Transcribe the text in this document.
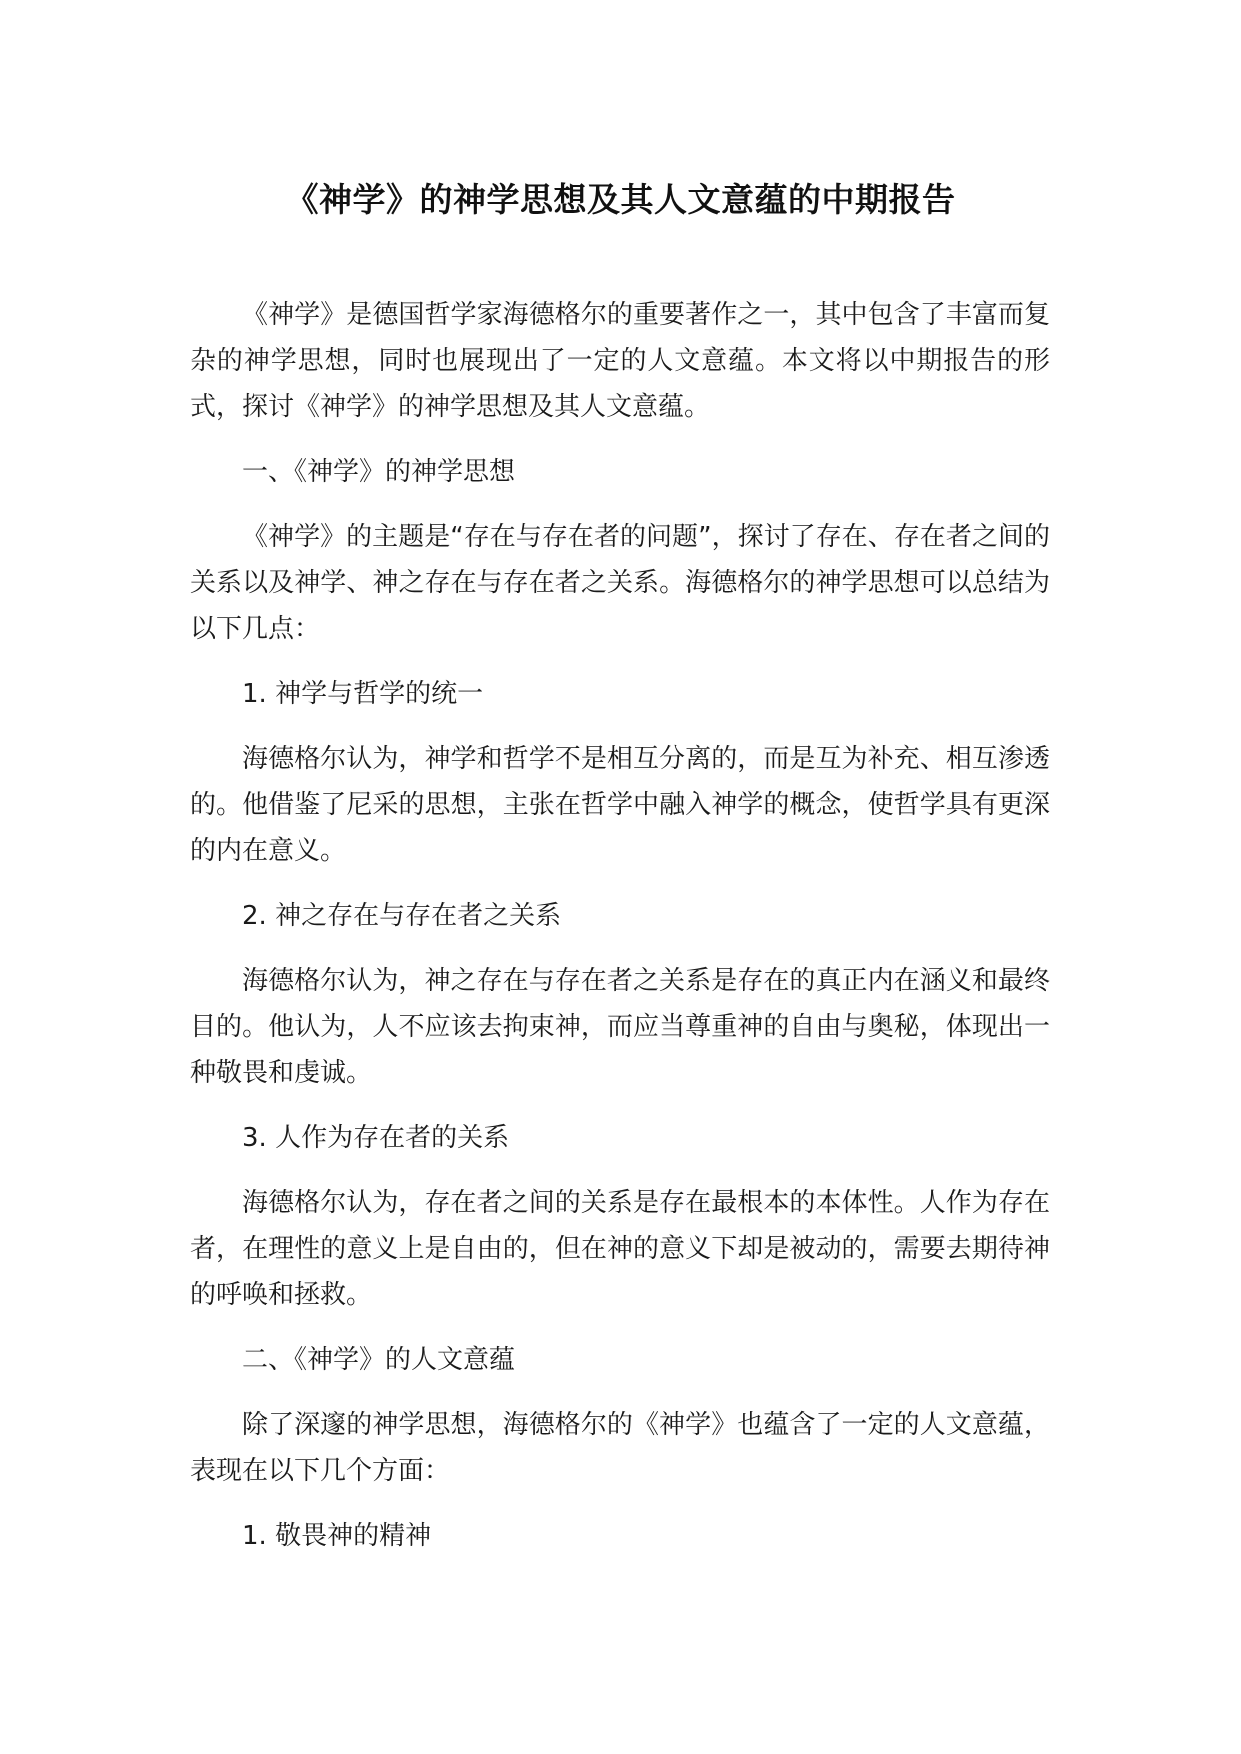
《神学》的神学思想及其人文意蕴的中期报告

《神学》是德国哲学家海德格尔的重要著作之一，其中包含了丰富而复杂的神学思想，同时也展现出了一定的人文意蕴。本文将以中期报告的形式，探讨《神学》的神学思想及其人文意蕴。

一、《神学》的神学思想

《神学》的主题是“存在与存在者的问题”，探讨了存在、存在者之间的关系以及神学、神之存在与存在者之关系。海德格尔的神学思想可以总结为以下几点：

1. 神学与哲学的统一

海德格尔认为，神学和哲学不是相互分离的，而是互为补充、相互渗透的。他借鉴了尼采的思想，主张在哲学中融入神学的概念，使哲学具有更深的内在意义。

2. 神之存在与存在者之关系

海德格尔认为，神之存在与存在者之关系是存在的真正内在涵义和最终目的。他认为，人不应该去拘束神，而应当尊重神的自由与奥秘，体现出一种敬畏和虔诚。

3. 人作为存在者的关系

海德格尔认为，存在者之间的关系是存在最根本的本体性。人作为存在者，在理性的意义上是自由的，但在神的意义下却是被动的，需要去期待神的呼唤和拯救。

二、《神学》的人文意蕴

除了深邃的神学思想，海德格尔的《神学》也蕴含了一定的人文意蕴，表现在以下几个方面：

1. 敬畏神的精神
